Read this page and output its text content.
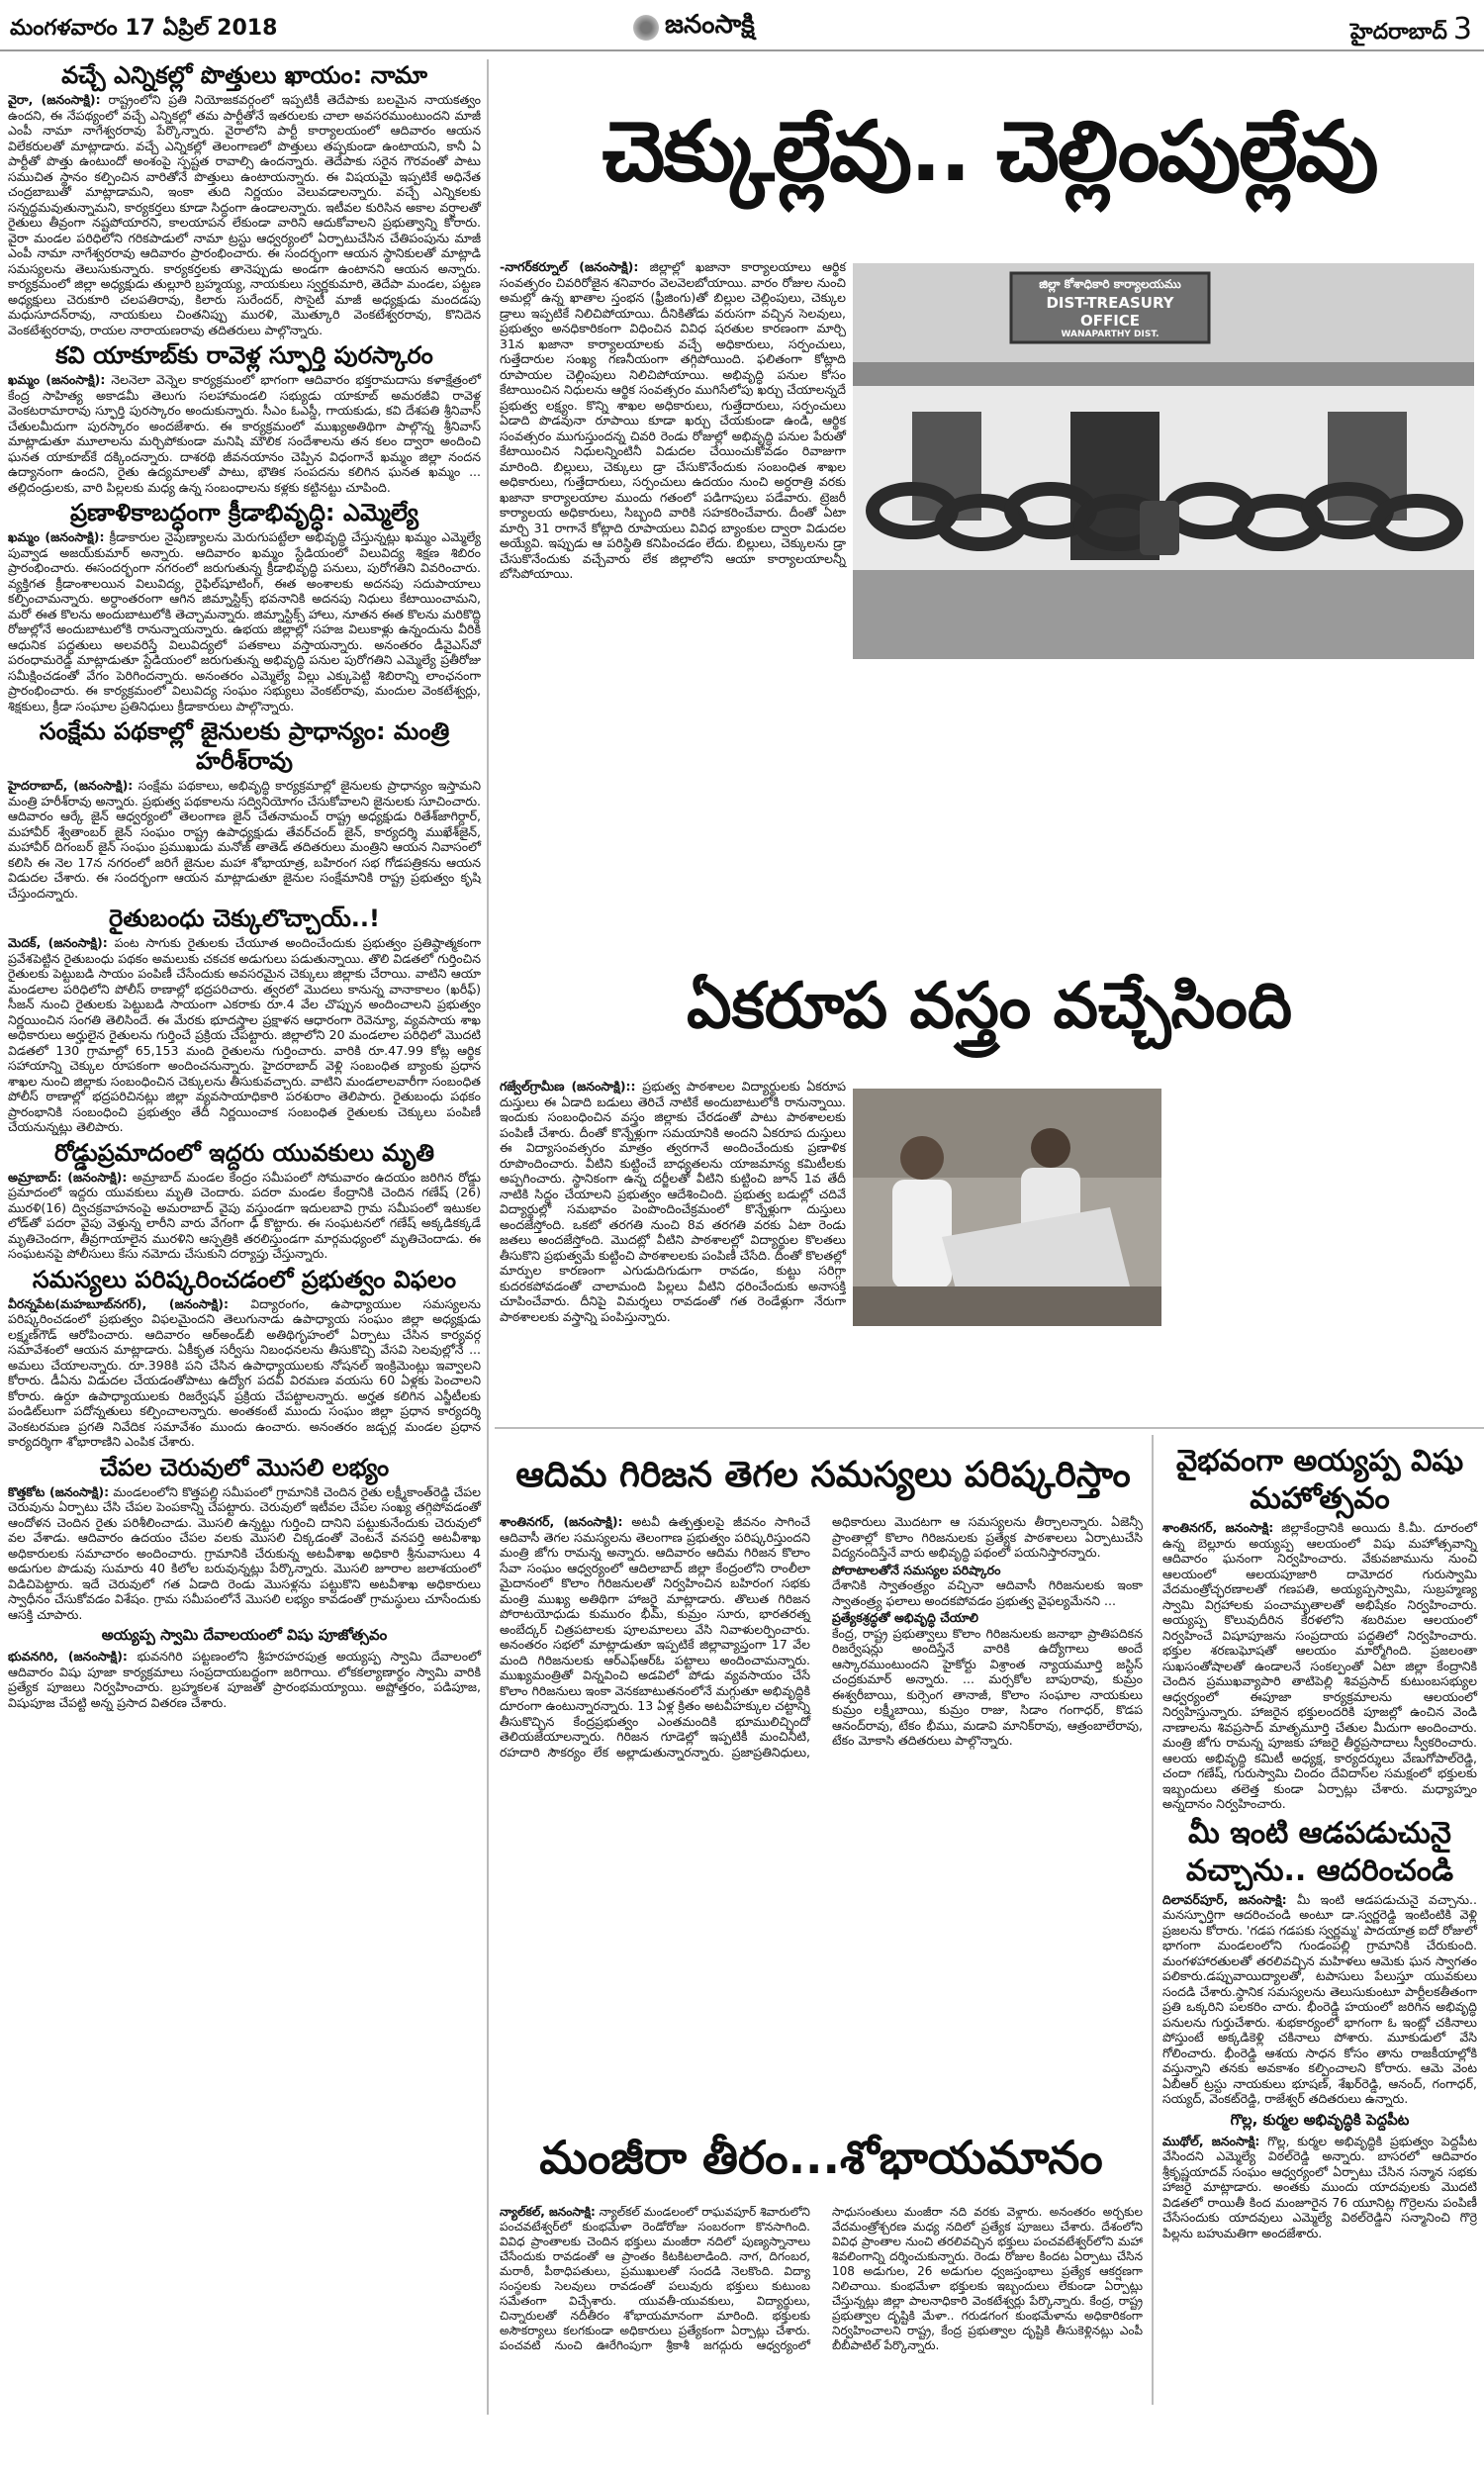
మంగళవారం 17 ఏప్రిల్ 2018	జనంసాక్షి	హైదరాబాద్ 3
వచ్చే ఎన్నికల్లో పొత్తులు ఖాయం: నామా
వైరా, (జనంసాక్షి): రాష్ట్రంలోని ప్రతి నియోజకవర్గంలో ఇప్పటికీ తెదేపాకు బలమైన నాయకత్వం ఉందని, ఈ నేపథ్యంలో వచ్చే ఎన్నికల్లో తమ పార్టీతోనే ఇతరులకు చాలా అవసరముంటుందని మాజీ ఎంపీ నామా నాగేశ్వరరావు పేర్కొన్నారు. వైరాలోని పార్టీ కార్యాలయంలో ఆదివారం ఆయన విలేకరులతో మాట్లాడారు. వచ్చే ఎన్నికల్లో తెలంగాణలో పొత్తులు తప్పకుండా ఉంటాయని, కానీ ఏ పార్టీతో పొత్తు ఉంటుందో అంశంపై స్పష్టత రావాల్సి ఉందన్నారు. తెదేపాకు సరైన గౌరవంతో పాటు సముచిత స్థానం కల్పించిన వారితోనే పొత్తులు ఉంటాయన్నారు. ఈ విషయమై ఇప్పటికే అధినేత చంద్రబాబుతో మాట్లాడామని, ఇంకా తుది నిర్ణయం వెలువడాలన్నారు. వచ్చే ఎన్నికలకు సన్నద్ధమవుతున్నామని, కార్యకర్తలు కూడా సిద్ధంగా ఉండాలన్నారు. ఇటీవల కురిసిన అకాల వర్షాలతో రైతులు తీవ్రంగా నష్టపోయారని, కాలయాపన లేకుండా వారిని ఆదుకోవాలని ప్రభుత్వాన్ని కోరారు. వైరా మండల పరిధిలోని గరికపాడులో నామా ట్రస్టు ఆధ్వర్యంలో ఏర్పాటుచేసిన చేతిపంపును మాజీ ఎంపీ నామా నాగేశ్వరరావు ఆదివారం ప్రారంభించారు. ఈ సందర్భంగా ఆయన స్థానికులతో మాట్లాడి సమస్యలను తెలుసుకున్నారు. కార్యకర్తలకు తానెప్పుడు అండగా ఉంటానని ఆయన అన్నారు. కార్యక్రమంలో జిల్లా అధ్యక్షుడు తుల్లూరి బ్రహ్మయ్య, నాయకులు స్వర్ణకుమారి, తెదేపా మండల, పట్టణ అధ్యక్షులు చెరుకూరి చలపతిరావు, కిలారు సురేందర్, సొసైటీ మాజీ అధ్యక్షుడు మందడపు మధుసూదన్‌రావు, నాయకులు చింతనిప్పు మురళి, మొత్కూరి వెంకటేశ్వరరావు, కొనిదెన వెంకటేశ్వరరావు, రాయల నారాయణరావు తదితరులు పాల్గొన్నారు.
కవి యాకూబ్‌కు రావెళ్ల స్ఫూర్తి పురస్కారం
ఖమ్మం (జనంసాక్షి): నెలనెలా వెన్నెల కార్యక్రమంలో భాగంగా ఆదివారం భక్తరామదాసు కళాక్షేత్రంలో కేంద్ర సాహిత్య అకాడమీ తెలుగు సలహామండలి సభ్యుడు యాకూబ్ అమరజీవి రావెళ్ల వెంకటరామారావు స్ఫూర్తి పురస్కారం అందుకున్నారు. సీఎం ఓఎస్డీ, గాయకుడు, కవి దేశపతి శ్రీనివాస్ చేతులమీదుగా పురస్కారం అందజేశారు. ఈ కార్యక్రమంలో ముఖ్యఅతిథిగా పాల్గొన్న శ్రీనివాస్ మాట్లాడుతూ మూలాలను మర్చిపోకుండా మనిషి మౌలిక సందేశాలను తన కలం ద్వారా అందించి ఘనత యాకూబ్‌కే దక్కిందన్నారు. దాశరథి జీవనయానం చెప్పిన విధంగానే ఖమ్మం జిల్లా నందన ఉద్యానంగా ఉందని, రైతు ఉద్యమాలతో పాటు, భౌతిక సంపదను కలిగిన ఘనత ఖమ్మం ... తల్లిదండ్రులకు, వారి పిల్లలకు మధ్య ఉన్న సంబంధాలను కళ్లకు కట్టినట్టు చూపింది.
ప్రణాళికాబద్ధంగా క్రీడాభివృద్ధి: ఎమ్మెల్యే
ఖమ్మం (జనంసాక్షి): క్రీడాకారుల నైపుణ్యాలను మెరుగుపట్టేలా అభివృద్ధి చేస్తున్నట్లు ఖమ్మం ఎమ్మెల్యే పువ్వాడ అజయ్‌కుమార్ అన్నారు. ఆదివారం ఖమ్మం స్టేడియంలో విలువిద్య శిక్షణ శిబిరం ప్రారంభించారు. ఈసందర్భంగా నగరంలో జరుగుతున్న క్రీడాభివృద్ధి పనులు, పురోగతిని వివరించారు. వ్యక్తిగత క్రీడాంశాలయిన విలువిద్య, రైఫిల్‌షూటింగ్, ఈత అంశాలకు అదనపు సదుపాయాలు కల్పించామన్నారు. అర్ధాంతరంగా ఆగిన జిమ్నాస్టిక్స్ భవనానికి అదనపు నిధులు కేటాయించామని, మరో ఈత కొలను అందుబాటులోకి తెచ్చామన్నారు. జిమ్నాస్టిక్స్ హాలు, నూతన ఈత కొలను మరికొద్ది రోజుల్లోనే అందుబాటులోకి రానున్నాయన్నారు. ఉభయ జిల్లాల్లో సహజ విలుకాళ్లు ఉన్నందును వీరికి ఆధునిక పద్ధతులు అలవరిస్తే విలువిద్యలో పతకాలు వస్తాయన్నారు. అనంతరం డీవైఎస్‌వో పరంధామరెడ్డి మాట్లాడుతూ స్టేడియంలో జరుగుతున్న అభివృద్ధి పనుల పురోగతిని ఎమ్మెల్యే ప్రతీరోజు సమీక్షించడంతో వేగం పెరిగిందన్నారు. అనంతరం ఎమ్మెల్యే విల్లు ఎక్కుపెట్టి శిబిరాన్ని లాంఛనంగా ప్రారంభించారు. ఈ కార్యక్రమంలో విలువిద్య సంఘం సభ్యులు వెంకట్‌రావు, మందుల వెంకటేశ్వర్లు, శిక్షకులు, క్రీడా సంఘాల ప్రతినిధులు క్రీడాకారులు పాల్గొన్నారు.
సంక్షేమ పథకాల్లో జైనులకు ప్రాధాన్యం: మంత్రి హరీశ్‌రావు
హైదరాబాద్, (జనంసాక్షి): సంక్షేమ పథకాలు, అభివృద్ధి కార్యక్రమాల్లో జైనులకు ప్రాధాన్యం ఇస్తామని మంత్రి హరీశ్‌రావు అన్నారు. ప్రభుత్వ పథకాలను సద్వినియోగం చేసుకోవాలని జైనులకు సూచించారు. ఆదివారం ఆర్కే జైన్ ఆధ్వర్యంలో తెలంగాణ జైన్ చేతనామంచ్ రాష్ట్ర అధ్యక్షుడు రితేశ్‌జాగిర్దార్, మహావీర్ శ్వేతాంబర్ జైన్ సంఘం రాష్ట్ర ఉపాధ్యక్షుడు తేవర్‌చంద్ జైన్, కార్యదర్శి ముఖేశ్‌జైన్, మహావీర్ దిగంబర్ జైన్ సంఘం ప్రముఖుడు మనోజ్ తాతెడ్ తదితరులు మంత్రిని ఆయన నివాసంలో కలిసి ఈ నెల 17న నగరంలో జరిగే జైనుల మహా శోభాయాత్ర, బహిరంగ సభ గోడపత్రికను ఆయన విడుదల చేశారు. ఈ సందర్భంగా ఆయన మాట్లాడుతూ జైనుల సంక్షేమానికి రాష్ట్ర ప్రభుత్వం కృషి చేస్తుందన్నారు.
రైతుబంధు చెక్కులొచ్చాయ్..!
మెదక్, (జనంసాక్షి): పంట సాగుకు రైతులకు చేయూత అందించేందుకు ప్రభుత్వం ప్రతిష్ఠాత్మకంగా ప్రవేశపెట్టిన రైతుబంధు పథకం అమలుకు చకచక అడుగులు పడుతున్నాయి. తొలి విడతలో గుర్తించిన రైతులకు పెట్టుబడి సాయం పంపిణీ చేసేందుకు అవసరమైన చెక్కులు జిల్లాకు చేరాయి. వాటిని ఆయా మండలాల పరిధిలోని పోలీస్ ఠాణాల్లో భద్రపరిచారు. త్వరలో మొదలు కానున్న వానాకాలం (ఖరీఫ్) సీజన్ నుంచి రైతులకు పెట్టుబడి సాయంగా ఎకరాకు రూ.4 వేల చొప్పున అందించాలని ప్రభుత్వం నిర్ణయించిన సంగతి తెలిసిందే. ఈ మేరకు భూదస్త్రాల ప్రక్షాళన ఆధారంగా రెవెన్యూ, వ్యవసాయ శాఖ అధికారులు అర్హులైన రైతులను గుర్తించే ప్రక్రియ చేపట్టారు. జిల్లాలోని 20 మండలాల పరిధిలో మొదటి విడతలో 130 గ్రామాల్లో 65,153 మంది రైతులను గుర్తించారు. వారికి రూ.47.99 కోట్ల ఆర్థిక సహాయాన్ని చెక్కుల రూపకంగా అందించనున్నారు. హైదరాబాద్ వెళ్లి సంబంధిత బ్యాంకు ప్రధాన శాఖల నుంచి జిల్లాకు సంబంధించిన చెక్కులను తీసుకువచ్చారు. వాటిని మండలాలవారీగా సంబంధిత పోలీస్ ఠాణాల్లో భద్రపరిచినట్లు జిల్లా వ్యవసాయాధికారి పరశురాం తెలిపారు. రైతుబంధు పథకం ప్రారంభానికి సంబంధించి ప్రభుత్వం తేదీ నిర్ణయించాక సంబంధిత రైతులకు చెక్కులు పంపిణీ చేయనున్నట్లు తెలిపారు.
రోడ్డుప్రమాదంలో ఇద్దరు యువకులు మృతి
అమ్రాబాద్: (జనంసాక్షి): అమ్రాబాద్ మండల కేంద్రం సమీపంలో సోమవారం ఉదయం జరిగిన రోడ్డు ప్రమాదంలో ఇద్దరు యువకులు మృతి చెందారు. పదరా మండల కేంద్రానికి చెందిన గణేష్ (26) మురళి(16) ద్విచక్రవాహనంపై అమరాబాద్ వైపు వస్తుండగా ఇదులబావి గ్రామ సమీపంలో ఇటుకల లోడ్‌తో పదరా వైపు వెళ్తున్న లారీని వారు వేగంగా ఢీ కొట్టారు. ఈ సంఘటనలో గణేష్ అక్కడికక్కడే మృతిచెందగా, తీవ్రగాయాలైన మురళిని ఆస్పత్రికి తరలిస్తుండగా మార్గమధ్యంలో మృతిచెందాడు. ఈ సంఘటనపై పోలీసులు కేసు నమోదు చేసుకుని దర్యాప్తు చేస్తున్నారు.
సమస్యలు పరిష్కరించడంలో ప్రభుత్వం విఫలం
వీరన్నపేట(మహబూబ్‌నగర్), (జనంసాక్షి): విద్యారంగం, ఉపాధ్యాయుల సమస్యలను పరిష్కరించడంలో ప్రభుత్వం విఫలమైందని తెలుగునాడు ఉపాధ్యాయ సంఘం జిల్లా అధ్యక్షుడు లక్ష్మణ్‌గౌడ్ ఆరోపించారు. ఆదివారం ఆర్‌అండ్‌బీ అతిథిగృహంలో ఏర్పాటు చేసిన కార్యవర్గ సమావేశంలో ఆయన మాట్లాడారు. ఏకీకృత సర్వీసు నిబంధనలను తీసుకొచ్చి వేసవి సెలవుల్లోనే ... అమలు చేయాలన్నారు. రూ.398కి పని చేసిన ఉపాధ్యాయులకు నోషనల్ ఇంక్రిమెంట్లు ఇవ్వాలని కోరారు. డీఏను విడుదల చేయడంతోపాటు ఉద్యోగ పదవీ విరమణ వయసు 60 ఏళ్లకు పెంచాలని కోరారు. ఉర్దూ ఉపాధ్యాయులకు రిజర్వేషన్ ప్రక్రియ చేపట్టాలన్నారు. అర్హత కలిగిన ఎస్జీటీలకు పండిట్‌లుగా పదోన్నతులు కల్పించాలన్నారు. అంతకంటే ముందు సంఘం జిల్లా ప్రధాన కార్యదర్శి వెంకటరమణ ప్రగతి నివేదిక సమావేశం ముందు ఉంచారు. అనంతరం జడ్చర్ల మండల ప్రధాన కార్యదర్శిగా శోభారాణిని ఎంపిక చేశారు.
చేపల చెరువులో మొసలి లభ్యం
కొత్తకోట (జనంసాక్షి): మండలంలోని కొత్తపల్లి సమీపంలో గ్రామానికి చెందిన రైతు లక్ష్మీకాంత్‌రెడ్డి చేపల చెరువును ఏర్పాటు చేసి చేపల పెంపకాన్ని చేపట్టారు. చెరువులో ఇటీవల చేపల సంఖ్య తగ్గిపోవడంతో ఆందోళన చెందిన రైతు పరిశీలించాడు. మొసలి ఉన్నట్టు గుర్తించి దానిని పట్టుకునేందుకు చెరువులో వల వేశాడు. ఆదివారం ఉదయం చేపల వలకు మొసలి చిక్కడంతో వెంటనే వనపర్తి అటవీశాఖ అధికారులకు సమాచారం అందించారు. గ్రామానికి చేరుకున్న అటవీశాఖ అధికారి శ్రీనువాసులు 4 అడుగుల పొడువు సుమారు 40 కిలోల బరువున్నట్లు పేర్కొన్నారు. మొసలి జూరాల జలాశయంలో విడిచిపెట్టారు. ఇదే చెరువులో గత ఏడాది రెండు మొసళ్లను పట్టుకొని అటవీశాఖ అధికారులు స్వాధీనం చేసుకోవడం విశేషం. గ్రామ సమీపంలోనే మొసలి లభ్యం కావడంతో గ్రామస్థులు చూసేందుకు ఆసక్తి చూపారు.
అయ్యప్ప స్వామి దేవాలయంలో విషు పూజోత్సవం
భువనగిరి, (జనంసాక్షి): భువనగిరి పట్టణంలోని శ్రీహరహరపుత్ర అయ్యప్ప స్వామి దేవాలంలో ఆదివారం విషు పూజా కార్యక్రమాలు సంప్రదాయబద్ధంగా జరిగాయి. లోకకల్యాణార్థం స్వామి వారికి ప్రత్యేక పూజలు నిర్వహించారు. బ్రహ్మకలశ పూజతో ప్రారంభమయ్యాయి. అష్టోత్తరం, పడిపూజ, విషుపూజ చేపట్టి అన్న ప్రసాద వితరణ చేశారు.
చెక్కుల్లేవు.. చెల్లింపుల్లేవు
-నాగర్‌కర్నూల్ (జనంసాక్షి): జిల్లాల్లో ఖజానా కార్యాలయాలు ఆర్థిక సంవత్సరం చివరిరోజైన శనివారం వెలవెలబోయాయి. వారం రోజుల నుంచి అమల్లో ఉన్న ఖాతాల స్తంభన (ఫ్రీజింగు)తో బిల్లుల చెల్లింపులు, చెక్కుల డ్రాలు ఇప్పటికే నిలిచిపోయాయి. దీనికితోడు వరుసగా వచ్చిన సెలవులు, ప్రభుత్వం అనధికారికంగా విధించిన వివిధ షరతుల కారణంగా మార్చి 31న ఖజానా కార్యాలయాలకు వచ్చే అధికారులు, సర్పంచులు, గుత్తేదారుల సంఖ్య గణనీయంగా తగ్గిపోయింది. ఫలితంగా కోట్లాది రూపాయల చెల్లింపులు నిలిచిపోయాయి. అభివృద్ధి పనుల కోసం కేటాయించిన నిధులను ఆర్థిక సంవత్సరం ముగిసేలోపు ఖర్చు చేయాలన్నదే ప్రభుత్వ లక్ష్యం. కొన్ని శాఖల అధికారులు, గుత్తేదారులు, సర్పంచులు ఏడాది పొడవునా రూపాయి కూడా ఖర్చు చేయకుండా ఉండి, ఆర్థిక సంవత్సరం ముగుస్తుందన్న చివరి రెండు రోజుల్లో అభివృద్ధి పనుల పేరుతో కేటాయించిన నిధులన్నింటినీ విడుదల చేయించుకోవడం రివాజుగా మారింది. బిల్లులు, చెక్కులు డ్రా చేసుకొనేందుకు సంబంధిత శాఖల అధికారులు, గుత్తేదారులు, సర్పంచులు ఉదయం నుంచి అర్ధరాత్రి వరకు ఖజానా కార్యాలయాల ముందు గతంలో పడిగాపులు పడేవారు. ట్రెజరీ కార్యాలయ అధికారులు, సిబ్బంది వారికి సహకరించేవారు. దీంతో ఏటా మార్చి 31 రాగానే కోట్లాది రూపాయలు వివిధ బ్యాంకుల ద్వారా విడుదల అయ్యేవి. ఇప్పుడు ఆ పరిస్థితి కనిపించడం లేదు. బిల్లులు, చెక్కులను డ్రా చేసుకొనేందుకు వచ్చేవారు లేక జిల్లాలోని ఆయా కార్యాలయాలన్నీ బోసిపోయాయి.
జిల్లా కోశాధికారి కార్యాలయము
DIST-TREASURY OFFICE
WANAPARTHY DIST.
ఏకరూప వస్త్రం వచ్చేసింది
గజ్వేల్‌గ్రామీణ (జనంసాక్షి):: ప్రభుత్వ పాఠశాలల విద్యార్థులకు ఏకరూప దుస్తులు ఈ ఏడాది బడులు తెరిచే నాటికే అందుబాటులోకి రానున్నాయి. ఇందుకు సంబంధించిన వస్త్రం జిల్లాకు చేరడంతో పాటు పాఠశాలలకు పంపిణీ చేశారు. దీంతో కొన్నేళ్లుగా సమయానికి అందని ఏకరూప దుస్తులు ఈ విద్యాసంవత్సరం మాత్రం త్వరగానే అందించేందుకు ప్రణాళిక రూపొందించారు. వీటిని కుట్టించే బాధ్యతలను యాజమాన్య కమిటీలకు అప్పగించారు. స్థానికంగా ఉన్న దర్జీలతో వీటిని కుట్టించి జూన్ 1వ తేదీ నాటికి సిద్ధం చేయాలని ప్రభుత్వం ఆదేశించింది. ప్రభుత్వ బడుల్లో చదివే విద్యార్థుల్లో సమభావం పెంపొందించేక్రమంలో కొన్నేళ్లుగా దుస్తులు అందజేస్తోంది. ఒకటో తరగతి నుంచి 8వ తరగతి వరకు ఏటా రెండు జతలు అందజేస్తోంది. మొదట్లో వీటిని పాఠశాలల్లో విద్యార్థుల కొలతలు తీసుకొని ప్రభుత్వమే కుట్టించి పాఠశాలలకు పంపిణీ చేసేది. దీంతో కొలతల్లో మార్పుల కారణంగా ఎగుడుదిగుడుగా రావడం, కుట్టు సరిగ్గా కుదరకపోవడంతో చాలామంది పిల్లలు వీటిని ధరించేందుకు అనాసక్తి చూపించేవారు. దీనిపై విమర్శలు రావడంతో గత రెండేళ్లుగా నేరుగా పాఠశాలలకు వస్త్రాన్ని పంపిస్తున్నారు.
ఆదిమ గిరిజన తెగల సమస్యలు పరిష్కరిస్తాం
శాంతినగర్, (జనంసాక్షి): అటవీ ఉత్పత్తులపై జీవనం సాగించే ఆదివాసీ తెగల సమస్యలను తెలంగాణ ప్రభుత్వం పరిష్కరిస్తుందని మంత్రి జోగు రామన్న అన్నారు. ఆదివారం ఆదిమ గిరిజన కొలాం సేవా సంఘం ఆధ్వర్యంలో ఆదిలాబాద్ జిల్లా కేంద్రంలోని రాంలీలా మైదానంలో కొలాం గిరిజనులతో నిర్వహించిన బహిరంగ సభకు మంత్రి ముఖ్య అతిథిగా హాజరై మాట్లాడారు. తొలుత గిరిజన పోరాటయోధుడు కుమురం భీమ్, కుమ్రం సూరు, భారతరత్న అంబేద్కర్ చిత్రపటాలకు పూలమాలలు వేసి నివాళులర్పించారు. అనంతరం సభలో మాట్లాడుతూ ఇప్పటికే జిల్లావ్యాప్తంగా 17 వేల మంది గిరిజనులకు ఆర్‌ఎఫ్‌ఆర్‌ఓ పట్టాలు అందించామన్నారు. ముఖ్యమంత్రితో విన్నవించి అడవిలో పోడు వ్యవసాయం చేసే కొలాం గిరిజనులు ఇంకా వెనకబాటుతనంలోనే మగ్గుతూ అభివృద్ధికి దూరంగా ఉంటున్నారన్నారు. 13 ఏళ్ల క్రితం అటవీహక్కుల చట్టాన్ని తీసుకొచ్చిన కేంద్రప్రభుత్వం ఎంతమందికి భూములిచ్చిందో తెలియజేయాలన్నారు. గిరిజన గూడెల్లో ఇప్పటికీ మంచినీటి, రహదారి సౌకర్యం లేక అల్లాడుతున్నారన్నారు. ప్రజాప్రతినిధులు, అధికారులు మొదటగా ఆ సమస్యలను తీర్చాలన్నారు. ఏజెన్సీ ప్రాంతాల్లో కొలాం గిరిజనులకు ప్రత్యేక పాఠశాలలు ఏర్పాటుచేసి విద్యనందిస్తేనే వారు అభివృద్ధి పథంలో పయనిస్తారన్నారు.
పోరాటాలతోనే సమస్యల పరిష్కారం
దేశానికి స్వాతంత్ర్యం వచ్చినా ఆదివాసీ గిరిజనులకు ఇంకా స్వాతంత్ర్య ఫలాలు అందకపోవడం ప్రభుత్వ వైఫల్యమేనని ...
ప్రత్యేకశ్రద్ధతో అభివృద్ధి చేయాలి
కేంద్ర, రాష్ట్ర ప్రభుత్వాలు కొలాం గిరిజనులకు జనాభా ప్రాతిపదికన రిజర్వేషన్లు అందిస్తేనే వారికి ఉద్యోగాలు అందే ఆస్కారముంటుందని హైకోర్టు విశ్రాంత న్యాయమూర్తి జస్టిస్ చంద్రకుమార్ అన్నారు. ... మర్సకోల బాపురావు, కుమ్రం ఈశ్వరీబాయి, కుర్సెంగ తానాజీ, కొలాం సంఘాల నాయకులు కుమ్రం లక్ష్మీబాయి, కుమ్రం రాజు, సిడాం గంగాధర్, కొడప ఆనంద్‌రావు, టేకం భీము, మడావి మానిక్‌రావు, ఆత్రంబాలేరావు, టేకం మోకాసి తదితరులు పాల్గొన్నారు.
మంజీరా తీరం...శోభాయమానం
న్యాల్‌కల్, జనంసాక్షి: న్యాల్‌కల్ మండలంలో రాఘవపూర్ శివారులోని పంచవటేశ్వర్‌లో కుంభమేళా రెండోరోజు సంబరంగా కొనసాగింది. వివిధ ప్రాంతాలకు చెందిన భక్తులు మంజీరా నదిలో పుణ్యస్నానాలు చేసేందుకు రావడంతో ఆ ప్రాంతం కిటకిటలాడింది. నాగ, దిగంబర, మరాఠీ, పీఠాధిపతులు, ప్రముఖులతో సందడి నెలకొంది. విద్యా సంస్థలకు సెలవులు రావడంతో పలువురు భక్తులు కుటుంబ సమేతంగా విచ్చేశారు. యువతీ-యువకులు, విద్యార్థులు, చిన్నారులతో నదీతీరం శోభాయమానంగా మారింది. భక్తులకు అసౌకర్యాలు కలగకుండా అధికారులు ప్రత్యేకంగా ఏర్పాట్లు చేశారు. పంచవటి నుంచి ఊరేగింపుగా శ్రీకాశీ జగద్గురు ఆధ్వర్యంలో సాధుసంతులు మంజీరా నది వరకు వెళ్లారు. అనంతరం అర్చకుల వేదమంత్రోశ్చరణ మధ్య నదిలో ప్రత్యేక పూజలు చేశారు. దేశంలోని వివిధ ప్రాంతాల నుంచి తరలివచ్చిన భక్తులు పంచవటేశ్వర్‌లోని మహా శివలింగాన్ని దర్శించుకున్నారు. రెండు రోజుల కిందట ఏర్పాటు చేసిన 108 అడుగుల, 26 అడుగుల ధ్వజస్తంభాలు ప్రత్యేక ఆకర్షణగా నిలిచాయి. కుంభమేళా భక్తులకు ఇబ్బందులు లేకుండా ఏర్పాట్లు చేస్తున్నట్లు జిల్లా పాలనాధికారి వెంకటేశ్వర్లు పేర్కొన్నారు. కేంద్ర, రాష్ట్ర ప్రభుత్వాల దృష్టికి మేళా.. గరుడగంగ కుంభమేళాను అధికారికంగా నిర్వహించాలని రాష్ట్ర, కేంద్ర ప్రభుత్వాల దృష్టికి తీసుకెళ్లినట్లు ఎంపీ బీబీపాటిల్ పేర్కొన్నారు.
వైభవంగా అయ్యప్ప విషు మహోత్సవం
శాంతినగర్, జనంసాక్షి: జిల్లాకేంద్రానికి అయిదు కి.మీ. దూరంలో ఉన్న బెల్లూరు అయ్యప్ప ఆలయంలో విషు మహోత్సవాన్ని ఆదివారం ఘనంగా నిర్వహించారు. వేకువజామును నుంచి ఆలయంలో ఆలయపూజారి దామోదర గురుస్వామి వేదమంత్రోచ్ఛరణాలతో గణపతి, అయ్యప్పస్వామి, సుబ్రహ్మణ్య స్వామి విగ్రహాలకు పంచామృతాలతో అభిషేకం నిర్వహించారు. అయ్యప్ప కొలువుదీరిన కేరళలోని శబరిమల ఆలయంలో నిర్వహించే విషూపూజను సంప్రదాయ పద్ధతిలో నిర్వహించారు. భక్తుల శరణుఘోషతో ఆలయం మార్మోగింది. ప్రజలంతా సుఖసంతోషాలతో ఉండాలనే సంకల్పంతో ఏటా జిల్లా కేంద్రానికి చెందిన ప్రముఖవ్యాపారి తాటిపెల్లి శివప్రసాద్ కుటుంబసభ్యుల ఆధ్వర్యంలో ఈపూజా కార్యక్రమాలను ఆలయంలో నిర్వహిస్తున్నారు. హాజరైన భక్తులందరికి పూజల్లో ఉంచిన వెండి నాణాలను శివప్రసాద్ మాతృమూర్తి చేతుల మీదుగా అందించారు. మంత్రి జోగు రామన్న పూజకు హాజరై తీర్థప్రసాదాలు స్వీకరించారు. ఆలయ అభివృద్ధి కమిటీ అధ్యక్ష, కార్యదర్శులు వేణుగోపాల్‌రెడ్డి, చందా గణేష్, గురుస్వామి చిందం దేవిదాస్‌ల సమక్షంలో భక్తులకు ఇబ్బందులు తలెత్త కుండా ఏర్పాట్లు చేశారు. మధ్యాహ్నం అన్నదానం నిర్వహించారు.
మీ ఇంటి ఆడపడుచునై వచ్చాను.. ఆదరించండి
దిలావర్‌పూర్, జనంసాక్షి: మీ ఇంటి ఆడపడుచునై వచ్చాను.. మనస్ఫూర్తిగా ఆదరించండి అంటూ డా.స్వర్ణరెడ్డి ఇంటింటికి వెళ్లి ప్రజలను కోరారు. 'గడప గడపకు స్వర్ణమ్మ' పాదయాత్ర ఐదో రోజులో భాగంగా మండలంలోని గుండంపల్లి గ్రామానికి చేరుకుంది. మంగళహారతులతో తరలివచ్చిన మహిళలు ఆమెకు ఘన స్వాగతం పలికారు.డప్పువాయిద్యాలతో, టపాసులు పేలుస్తూ యువకులు సందడి చేశారు.స్థానిక సమస్యలను తెలుసుకుంటూ పార్టీలకతీతంగా ప్రతి ఒక్కరిని పలకరిం చారు. భీంరెడ్డి హయంలో జరిగిన అభివృద్ధి పనులను గుర్తుచేశారు. శుభకార్యంలో భాగంగా ఓ ఇంట్లో చకినాలు పోస్తుంటే అక్కడికెళ్లి చకినాలు పోశారు. మూకుడులో వేసి గోలించారు. భీంరెడ్డి ఆశయ సాధన కోసం తాను రాజకీయాల్లోకి వస్తున్నాని తనకు అవకాశం కల్పించాలని కోరారు. ఆమె వెంట ఏబీఆర్ ట్రస్టు నాయకులు భూషణ్, శేఖర్‌రెడ్డి, ఆనంద్, గంగాధర్, సయ్యద్, వెంకట్‌రెడ్డి, రాజేశ్వర్ తదితరులు ఉన్నారు.
గొల్ల, కుర్మల అభివృద్ధికి పెద్దపీట
ముథోల్, జనంసాక్షి: గొల్ల, కుర్మల అభివృద్ధికి ప్రభుత్వం పెద్దపీట వేసిందని ఎమ్మెల్యే విఠల్‌రెడ్డి అన్నారు. బాసరలో ఆదివారం శ్రీకృష్ణయాదవ్ సంఘం ఆధ్వర్యంలో ఏర్పాటు చేసిన సన్మాన సభకు హాజరై మాట్లాడారు. అంతకు ముందు యాదవులకు మొదటి విడతలో రాయితీ కింద మంజూరైన 76 యూనిట్ల గొర్రెలను పంపిణీ చేసేసందుకు యాదవులు ఎమ్మెల్యే విఠల్‌రెడ్డిని సన్మానించి గొర్రె పిల్లను బహుమతిగా అందజేశారు.
